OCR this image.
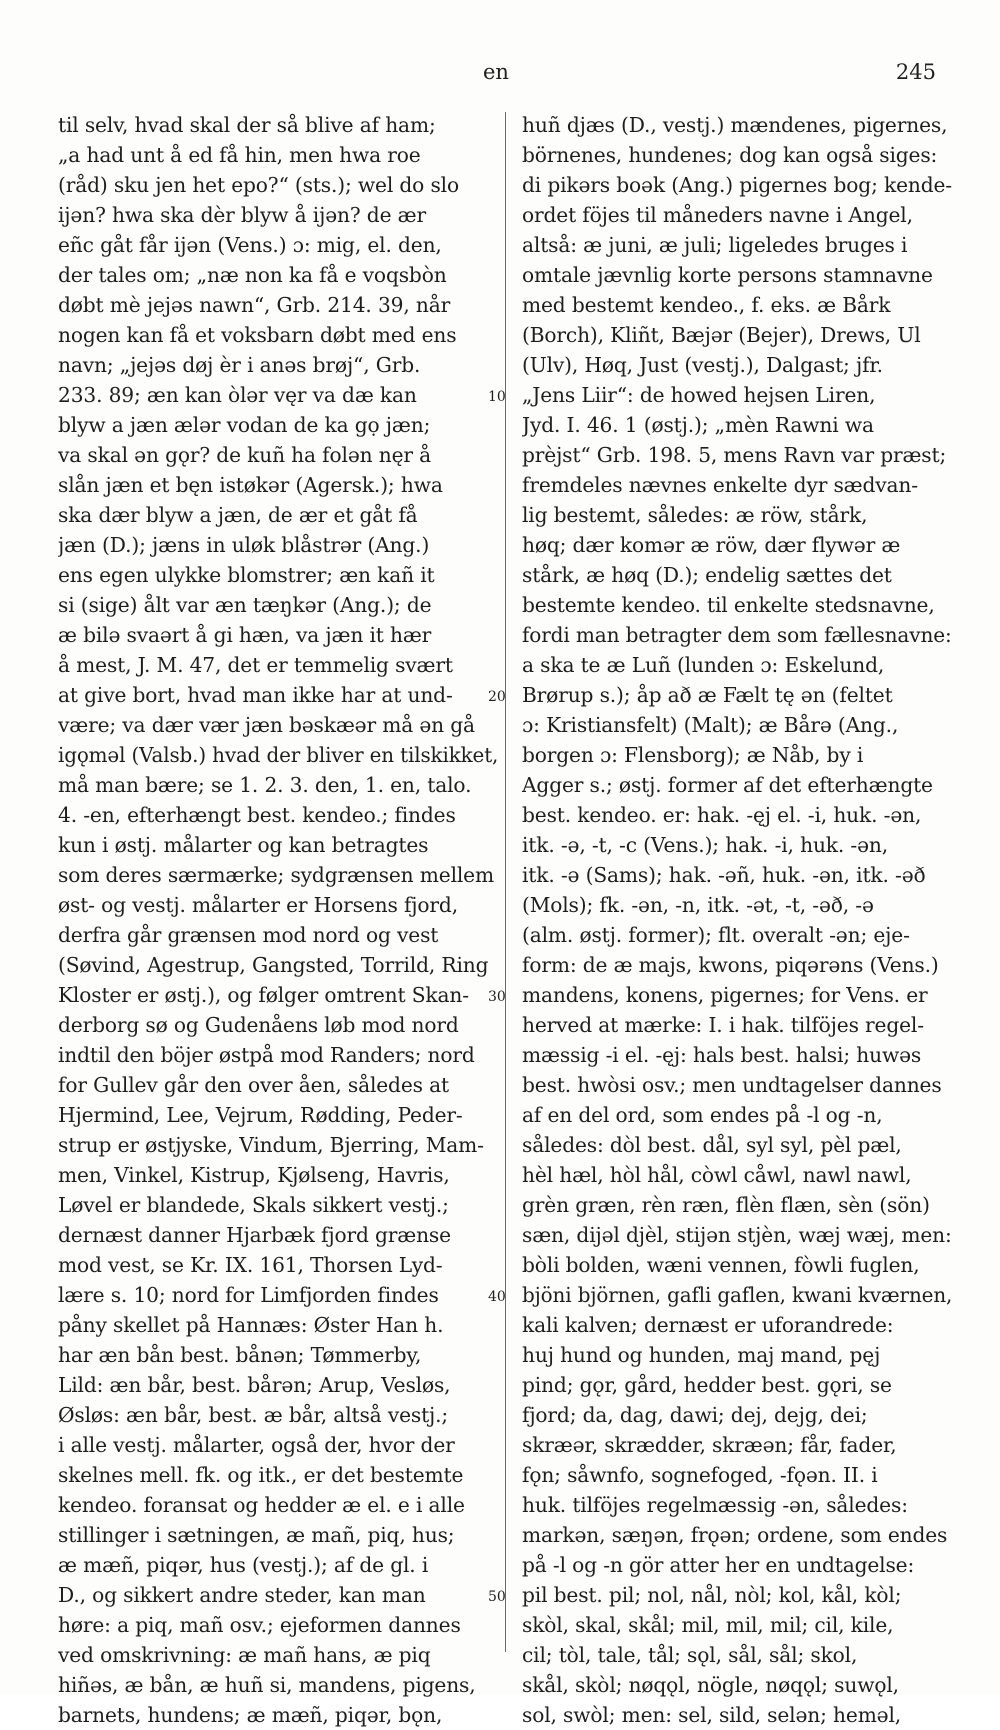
en	245
til selv, hvad skal der så blive af ham;
„a had unt å ed få hin, men hwa roe
(råd) sku jen het epo?“ (sts.); wel do slo
ijǝn? hwa ska dèr blyw å ijǝn? de ær
eñc gåt får ijǝn (Vens.) ɔ: mig, el. den,
der tales om; „næ non ka få e voqsbòn
døbt mè jejǝs nawn“, Grb. 214. 39, når
nogen kan få et voksbarn døbt med ens
navn; „jejǝs døj èr i anǝs brøj“, Grb.
233. 89; æn kan òlǝr vęr va dæ kan
blyw a jæn ælǝr vodan de ka gọ jæn;
va skal ǝn gǫr? de kuñ ha folǝn nęr å
slån jæn et bęn istøkǝr (Agersk.); hwa
ska dær blyw a jæn, de ær et gåt få
jæn (D.); jæns in uløk blåstrǝr (Ang.)
ens egen ulykke blomstrer; æn kañ it
si (sige) ålt var æn tæŋkǝr (Ang.); de
æ bilǝ svaǝrt å gi hæn, va jæn it hær
å mest, J. M. 47, det er temmelig svært
at give bort, hvad man ikke har at und-
være; va dær vær jæn bǝskæǝr må ǝn gå
igǫmǝl (Valsb.) hvad der bliver en tilskikket,
må man bære; se 1. 2. 3. den, 1. en, talo.
4. -en, efterhængt best. kendeo.; findes
kun i østj. målarter og kan betragtes
som deres særmærke; sydgrænsen mellem
øst- og vestj. målarter er Horsens fjord,
derfra går grænsen mod nord og vest
(Søvind, Agestrup, Gangsted, Torrild, Ring
Kloster er østj.), og følger omtrent Skan-
derborg sø og Gudenåens løb mod nord
indtil den böjer østpå mod Randers; nord
for Gullev går den over åen, således at
Hjermind, Lee, Vejrum, Rødding, Peder-
strup er østjyske, Vindum, Bjerring, Mam-
men, Vinkel, Kistrup, Kjølseng, Havris,
Løvel er blandede, Skals sikkert vestj.;
dernæst danner Hjarbæk fjord grænse
mod vest, se Kr. IX. 161, Thorsen Lyd-
lære s. 10; nord for Limfjorden findes
påny skellet på Hannæs: Øster Han h.
har æn bån best. bånǝn; Tømmerby,
Lild: æn bår, best. bårǝn; Arup, Vesløs,
Øsløs: æn bår, best. æ bår, altså vestj.;
i alle vestj. målarter, også der, hvor der
skelnes mell. fk. og itk., er det bestemte
kendeo. foransat og hedder æ el. e i alle
stillinger i sætningen, æ mañ, piq, hus;
æ mæñ, piqǝr, hus (vestj.); af de gl. i
D., og sikkert andre steder, kan man
høre: a piq, mañ osv.; ejeformen dannes
ved omskrivning: æ mañ hans, æ piq
hiñǝs, æ bån, æ huñ si, mandens, pigens,
barnets, hundens; æ mæñ, piqǝr, bǫn,
10
20
30
40
50
huñ djæs (D., vestj.) mændenes, pigernes,
börnenes, hundenes; dog kan også siges:
di pikǝrs boǝk (Ang.) pigernes bog; kende-
ordet föjes til måneders navne i Angel,
altså: æ juni, æ juli; ligeledes bruges i
omtale jævnlig korte persons stamnavne
med bestemt kendeo., f. eks. æ Bårk
(Borch), Kliñt, Bæjǝr (Bejer), Drews, Ul
(Ulv), Høq, Just (vestj.), Dalgast; jfr.
„Jens Liir“: de howed hejsen Liren,
Jyd. I. 46. 1 (østj.); „mèn Rawni wa
prèjst“ Grb. 198. 5, mens Ravn var præst;
fremdeles nævnes enkelte dyr sædvan-
lig bestemt, således: æ röw, stårk,
høq; dær komǝr æ röw, dær flywǝr æ
stårk, æ høq (D.); endelig sættes det
bestemte kendeo. til enkelte stedsnavne,
fordi man betragter dem som fællesnavne:
a ska te æ Luñ (lunden ɔ: Eskelund,
Brørup s.); åp að æ Fælt tę ǝn (feltet
ɔ: Kristiansfelt) (Malt); æ Bårǝ (Ang.,
borgen ɔ: Flensborg); æ Nåb, by i
Agger s.; østj. former af det efterhængte
best. kendeo. er: hak. -ęj el. -i, huk. -ǝn,
itk. -ǝ, -t, -c (Vens.); hak. -i, huk. -ǝn,
itk. -ǝ (Sams); hak. -ǝñ, huk. -ǝn, itk. -ǝð
(Mols); fk. -ǝn, -n, itk. -ǝt, -t, -ǝð, -ǝ
(alm. østj. former); flt. overalt -ǝn; eje-
form: de æ majs, kwons, piqǝrǝns (Vens.)
mandens, konens, pigernes; for Vens. er
herved at mærke: I. i hak. tilföjes regel-
mæssig -i el. -ęj: hals best. halsi; huwǝs
best. hwòsi osv.; men undtagelser dannes
af en del ord, som endes på -l og -n,
således: dòl best. dål, syl syl, pèl pæl,
hèl hæl, hòl hål, còwl cåwl, nawl nawl,
grèn græn, rèn ræn, flèn flæn, sèn (sön)
sæn, dijǝl djèl, stijǝn stjèn, wæj wæj, men:
bòli bolden, wæni vennen, fòwli fuglen,
bjöni björnen, gafli gaflen, kwani kværnen,
kali kalven; dernæst er uforandrede:
huj hund og hunden, maj mand, pęj
pind; gǫr, gård, hedder best. gǫri, se
fjord; da, dag, dawi; dej, dejg, dei;
skræǝr, skrædder, skræǝn; får, fader,
fǫn; såwnfo, sognefoged, -fǫǝn. II. i
huk. tilföjes regelmæssig -ǝn, således:
markǝn, sæŋǝn, frǫǝn; ordene, som endes
på -l og -n gör atter her en undtagelse:
pil best. pil; nol, nål, nòl; kol, kål, kòl;
skòl, skal, skål; mil, mil, mil; cil, kile,
cil; tòl, tale, tål; sǫl, sål, sål; skol,
skål, skòl; nøqǫl, nögle, nøqǫl; suwǫl,
sol, swòl; men: sel, sild, selǝn; hemǝl,
